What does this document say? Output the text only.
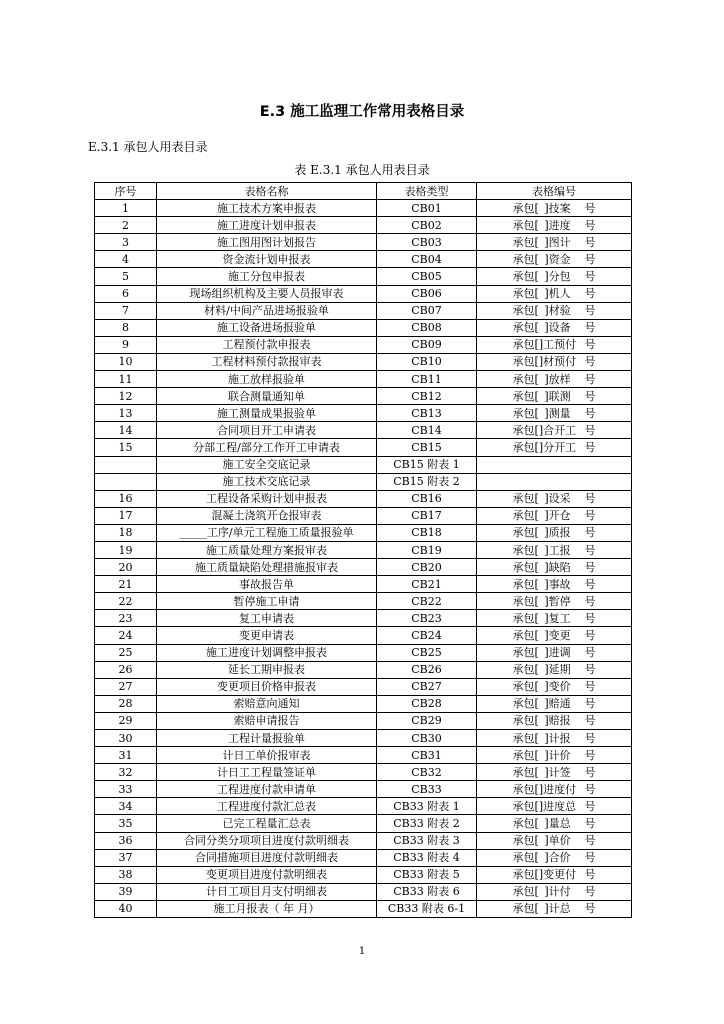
E.3 施工监理工作常用表格目录
E.3.1 承包人用表目录
表 E.3.1 承包人用表目录
序号	表格名称	表格类型	表格编号
1	施工技术方案申报表	CB01	承包[ ]技案 号
2	施工进度计划申报表	CB02	承包[ ]进度 号
3	施工图用图计划报告	CB03	承包[ ]图计 号
4	资金流计划申报表	CB04	承包[ ]资金 号
5	施工分包申报表	CB05	承包[ ]分包 号
6	现场组织机构及主要人员报审表	CB06	承包[ ]机人 号
7	材料/中间产品进场报验单	CB07	承包[ ]材验 号
8	施工设备进场报验单	CB08	承包[ ]设备 号
9	工程预付款申报表	CB09	承包[]工预付 号
10	工程材料预付款报审表	CB10	承包[]材预付 号
11	施工放样报验单	CB11	承包[ ]放样 号
12	联合测量通知单	CB12	承包[ ]联测 号
13	施工测量成果报验单	CB13	承包[ ]测量 号
14	合同项目开工申请表	CB14	承包[]合开工 号
15	分部工程/部分工作开工申请表	CB15	承包[]分开工 号
	施工安全交底记录	CB15 附表 1	
	施工技术交底记录	CB15 附表 2	
16	工程设备采购计划申报表	CB16	承包[ ]设采 号
17	混凝土浇筑开仓报审表	CB17	承包[ ]开仓 号
18	_____工序/单元工程施工质量报验单	CB18	承包[ ]质报 号
19	施工质量处理方案报审表	CB19	承包[ ]工报 号
20	施工质量缺陷处理措施报审表	CB20	承包[ ]缺陷 号
21	事故报告单	CB21	承包[ ]事故 号
22	暂停施工申请	CB22	承包[ ]暂停 号
23	复工申请表	CB23	承包[ ]复工 号
24	变更申请表	CB24	承包[ ]变更 号
25	施工进度计划调整申报表	CB25	承包[ ]进调 号
26	延长工期申报表	CB26	承包[ ]延期 号
27	变更项目价格申报表	CB27	承包[ ]变价 号
28	索赔意向通知	CB28	承包[ ]赔通 号
29	索赔申请报告	CB29	承包[ ]赔报 号
30	工程计量报验单	CB30	承包[ ]计报 号
31	计日工单价报审表	CB31	承包[ ]计价 号
32	计日工工程量签证单	CB32	承包[ ]计签 号
33	工程进度付款申请单	CB33	承包[]进度付 号
34	工程进度付款汇总表	CB33 附表 1	承包[]进度总 号
35	已完工程量汇总表	CB33 附表 2	承包[ ]量总 号
36	合同分类分项项目进度付款明细表	CB33 附表 3	承包[ ]单价 号
37	合同措施项目进度付款明细表	CB33 附表 4	承包[ ]合价 号
38	变更项目进度付款明细表	CB33 附表 5	承包[]变更付 号
39	计日工项目月支付明细表	CB33 附表 6	承包[ ]计付 号
40	施工月报表（ 年 月）	CB33 附表 6-1	承包[ ]计总 号
1
